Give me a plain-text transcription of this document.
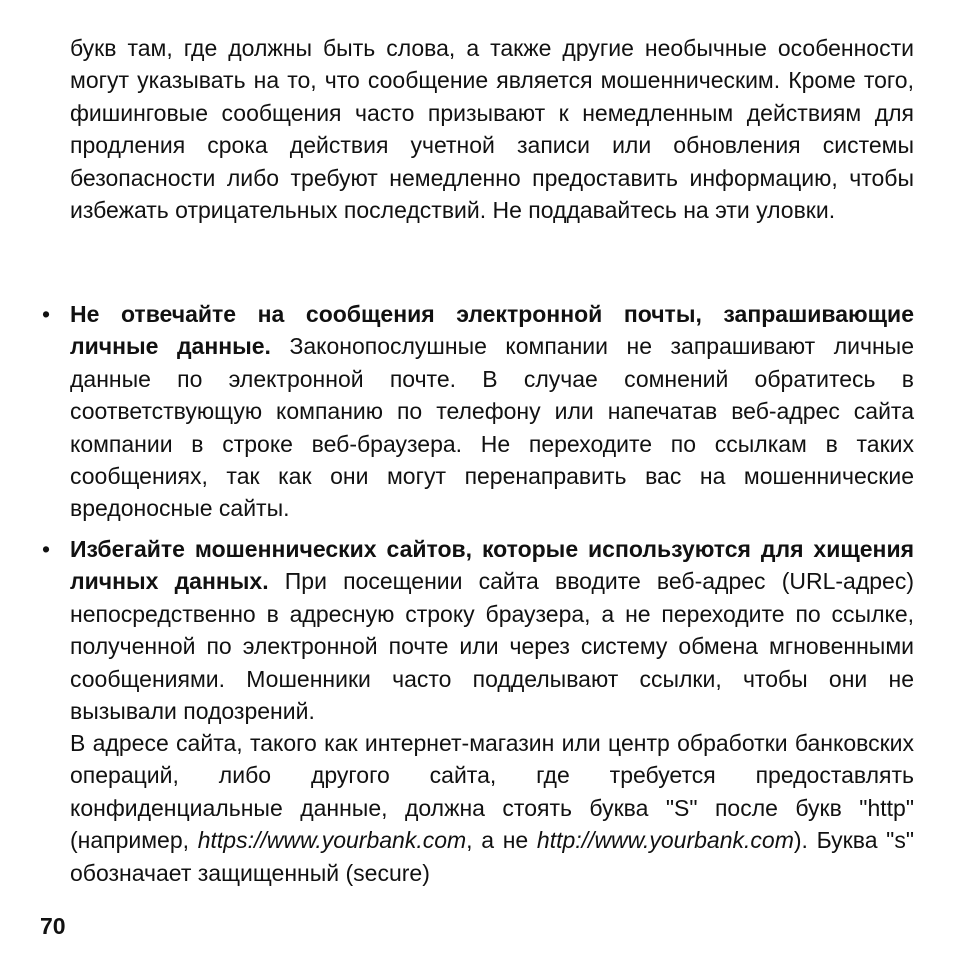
букв там, где должны быть слова, а также другие необычные особенности могут указывать на то, что сообщение является мошенническим. Кроме того, фишинговые сообщения часто призывают к немедленным действиям для продления срока действия учетной записи или обновления системы безопасности либо требуют немедленно предоставить информацию, чтобы избежать отрицательных последствий. Не поддавайтесь на эти уловки.

• Не отвечайте на сообщения электронной почты, запрашивающие личные данные. Законопослушные компании не запрашивают личные данные по электронной почте. В случае сомнений обратитесь в соответствующую компанию по телефону или напечатав веб-адрес сайта компании в строке веб-браузера. Не переходите по ссылкам в таких сообщениях, так как они могут перенаправить вас на мошеннические вредоносные сайты.
• Избегайте мошеннических сайтов, которые используются для хищения личных данных. При посещении сайта вводите веб-адрес (URL-адрес) непосредственно в адресную строку браузера, а не переходите по ссылке, полученной по электронной почте или через систему обмена мгновенными сообщениями. Мошенники часто подделывают ссылки, чтобы они не вызывали подозрений.

В адресе сайта, такого как интернет-магазин или центр обработки банковских операций, либо другого сайта, где требуется предоставлять конфиденциальные данные, должна стоять буква "S" после букв "http" (например, https://www.yourbank.com, а не http://www.yourbank.com). Буква "s" обозначает защищенный (secure)

70
